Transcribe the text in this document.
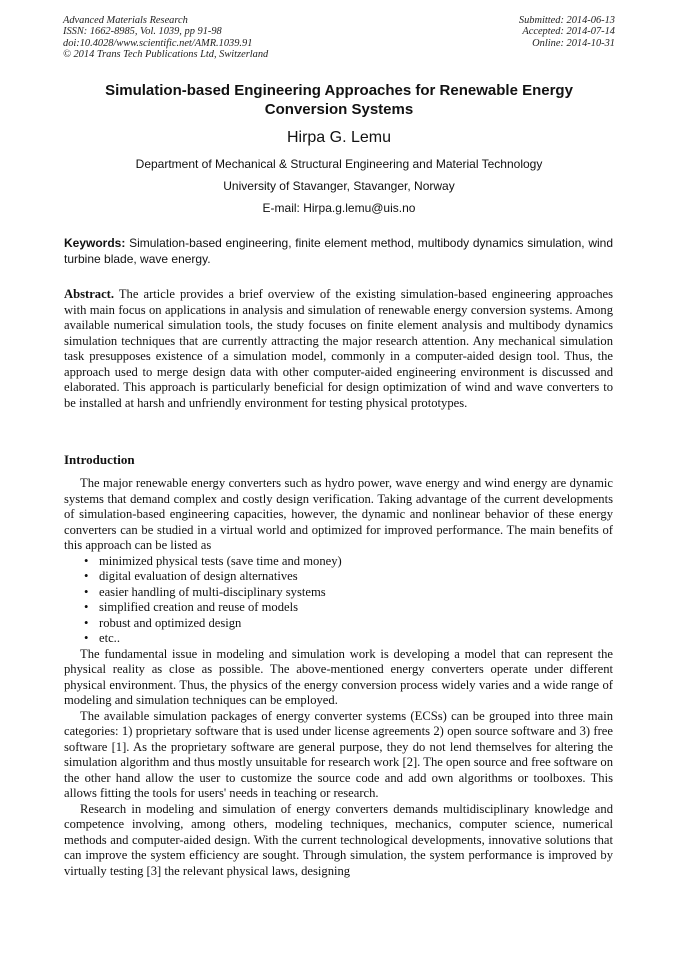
Advanced Materials Research
ISSN: 1662-8985, Vol. 1039, pp 91-98
doi:10.4028/www.scientific.net/AMR.1039.91
© 2014 Trans Tech Publications Ltd, Switzerland
Submitted: 2014-06-13
Accepted: 2014-07-14
Online: 2014-10-31
Simulation-based Engineering Approaches for Renewable Energy Conversion Systems
Hirpa G. Lemu
Department of Mechanical & Structural Engineering and Material Technology
University of Stavanger, Stavanger, Norway
E-mail: Hirpa.g.lemu@uis.no
Keywords: Simulation-based engineering, finite element method, multibody dynamics simulation, wind turbine blade, wave energy.
Abstract. The article provides a brief overview of the existing simulation-based engineering approaches with main focus on applications in analysis and simulation of renewable energy conversion systems. Among available numerical simulation tools, the study focuses on finite element analysis and multibody dynamics simulation techniques that are currently attracting the major research attention. Any mechanical simulation task presupposes existence of a simulation model, commonly in a computer-aided design tool. Thus, the approach used to merge design data with other computer-aided engineering environment is discussed and elaborated. This approach is particularly beneficial for design optimization of wind and wave converters to be installed at harsh and unfriendly environment for testing physical prototypes.
Introduction

The major renewable energy converters such as hydro power, wave energy and wind energy are dynamic systems that demand complex and costly design verification. Taking advantage of the current developments of simulation-based engineering capacities, however, the dynamic and nonlinear behavior of these energy converters can be studied in a virtual world and optimized for improved performance. The main benefits of this approach can be listed as

• minimized physical tests (save time and money)
• digital evaluation of design alternatives
• easier handling of multi-disciplinary systems
• simplified creation and reuse of models
• robust and optimized design
• etc..

The fundamental issue in modeling and simulation work is developing a model that can represent the physical reality as close as possible. The above-mentioned energy converters operate under different physical environment. Thus, the physics of the energy conversion process widely varies and a wide range of modeling and simulation techniques can be employed.

The available simulation packages of energy converter systems (ECSs) can be grouped into three main categories: 1) proprietary software that is used under license agreements 2) open source software and 3) free software [1]. As the proprietary software are general purpose, they do not lend themselves for altering the simulation algorithm and thus mostly unsuitable for research work [2]. The open source and free software on the other hand allow the user to customize the source code and add own algorithms or toolboxes. This allows fitting the tools for users' needs in teaching or research.

Research in modeling and simulation of energy converters demands multidisciplinary knowledge and competence involving, among others, modeling techniques, mechanics, computer science, numerical methods and computer-aided design. With the current technological developments, innovative solutions that can improve the system efficiency are sought. Through simulation, the system performance is improved by virtually testing [3] the relevant physical laws, designing
